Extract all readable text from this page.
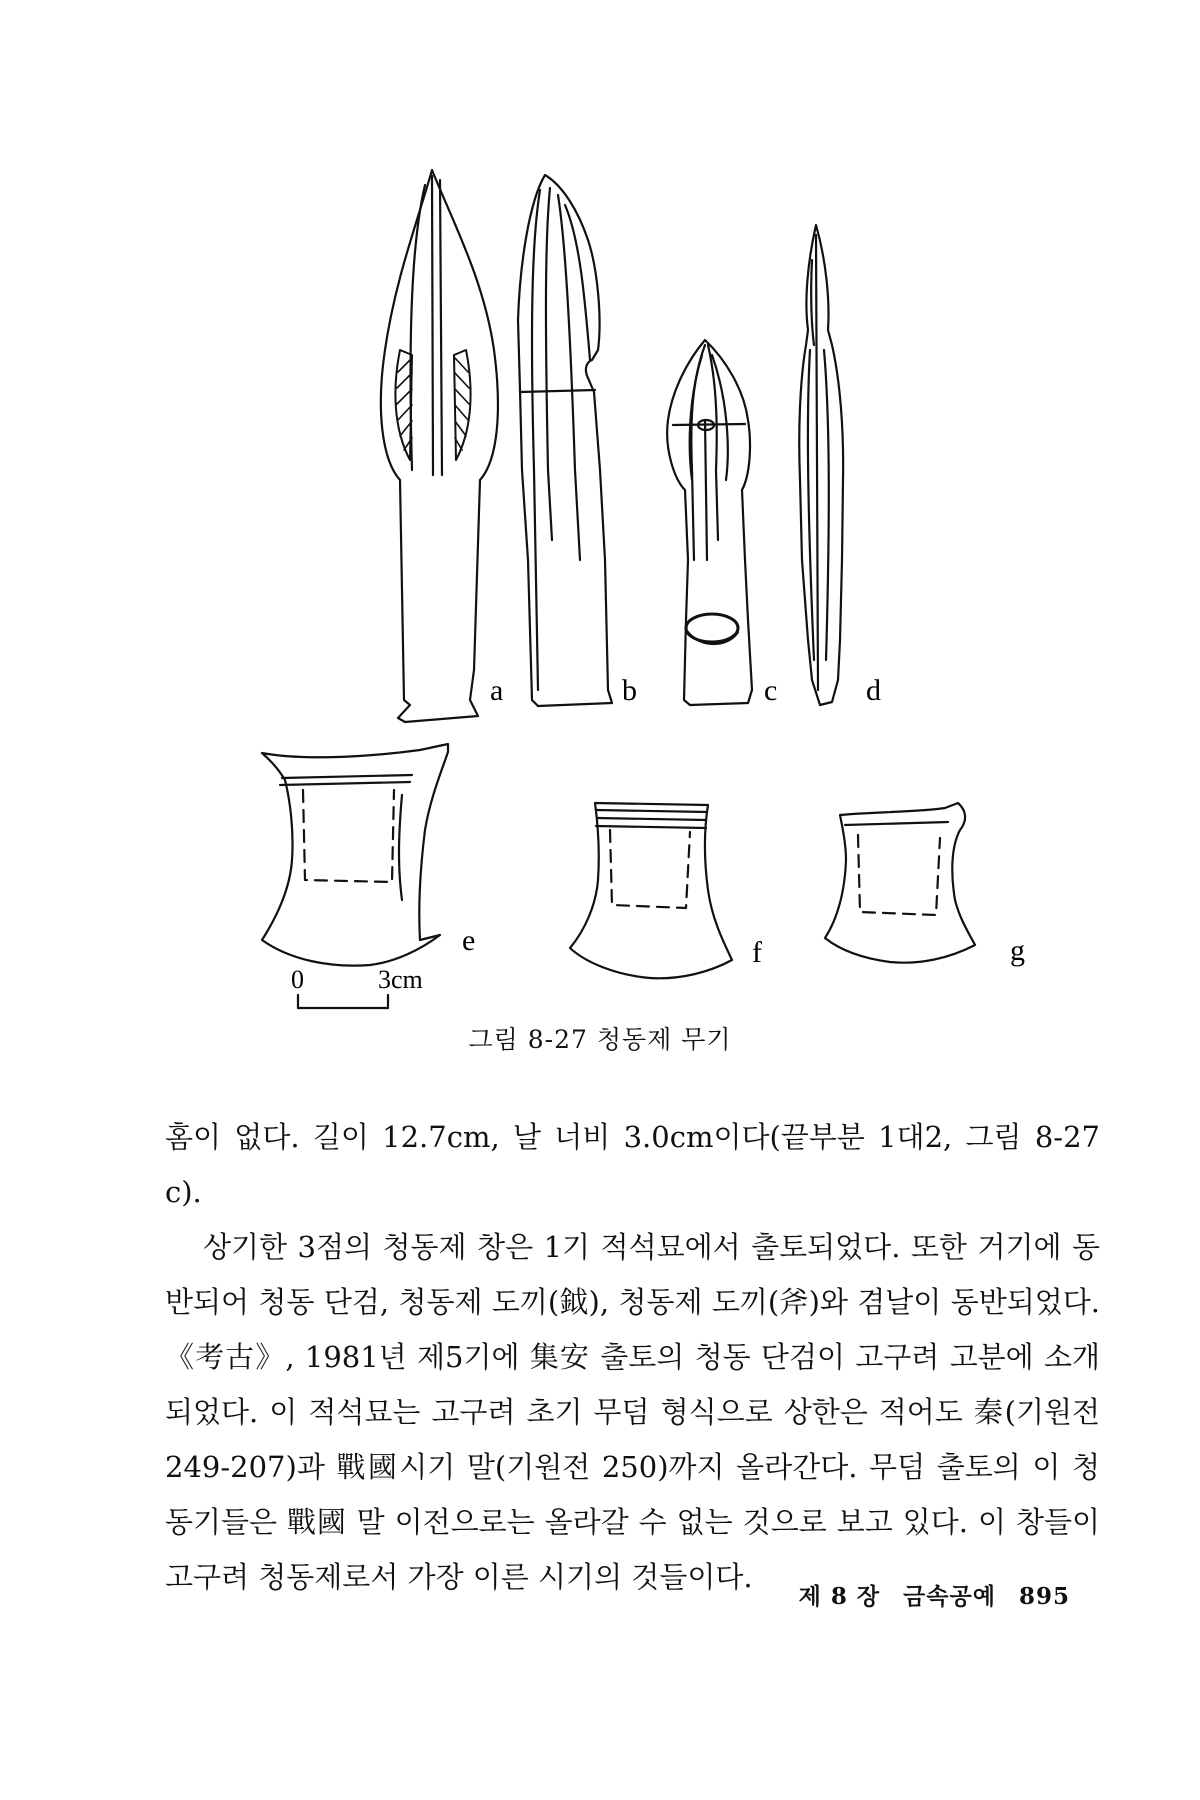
a	b	c	d
e	f	g
0	3cm
그림 8-27 청동제 무기

홈이 없다. 길이 12.7cm, 날 너비 3.0cm이다(끝부분 1대2, 그림 8-27 c).

상기한 3점의 청동제 창은 1기 적석묘에서 출토되었다. 또한 거기에 동반되어 청동 단검, 청동제 도끼(鉞), 청동제 도끼(斧)와 겸날이 동반되었다. 《考古》, 1981년 제5기에 集安 출토의 청동 단검이 고구려 고분에 소개되었다. 이 적석묘는 고구려 초기 무덤 형식으로 상한은 적어도 秦(기원전 249-207)과 戰國시기 말(기원전 250)까지 올라간다. 무덤 출토의 이 청동기들은 戰國 말 이전으로는 올라갈 수 없는 것으로 보고 있다. 이 창들이 고구려 청동제로서 가장 이른 시기의 것들이다.

제 8 장 금속공예 895
